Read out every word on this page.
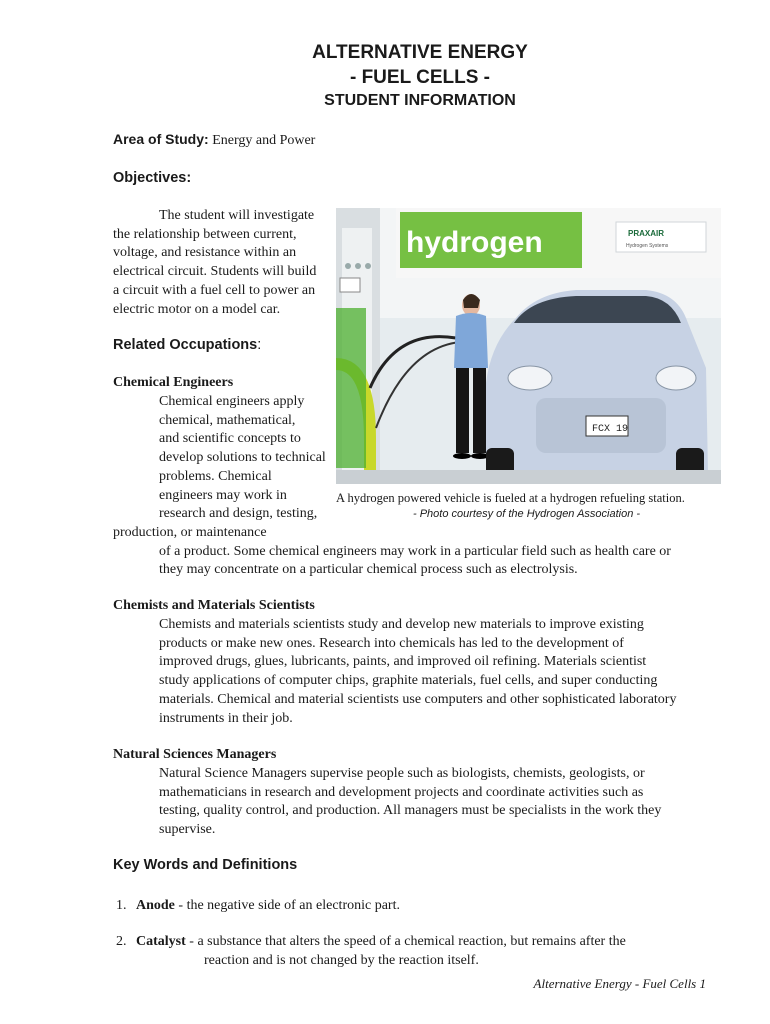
ALTERNATIVE ENERGY
- FUEL CELLS -
STUDENT INFORMATION
Area of Study: Energy and Power
Objectives:
The student will investigate
the relationship between current,
voltage, and resistance within an
electrical circuit. Students will build
a circuit with a fuel cell to power an
electric motor on a model car.
hydrogen	PRAXAIR
Hydrogen Systems
FCX 19
A hydrogen powered vehicle is fueled at a hydrogen refueling station.
- Photo courtesy of the Hydrogen Association -
Related Occupations:
Chemical Engineers
Chemical engineers apply
chemical, mathematical,
and scientific concepts to
develop solutions to technical
problems. Chemical
engineers may work in
research and design, testing,
production, or maintenance
of a product. Some chemical engineers may work in a particular field such as health care or
they may concentrate on a particular chemical process such as electrolysis.
Chemists and Materials Scientists
Chemists and materials scientists study and develop new materials to improve existing
products or make new ones. Research into chemicals has led to the development of
improved drugs, glues, lubricants, paints, and improved oil refining. Materials scientist
study applications of computer chips, graphite materials, fuel cells, and super conducting
materials. Chemical and material scientists use computers and other sophisticated laboratory
instruments in their job.
Natural Sciences Managers
Natural Science Managers supervise people such as biologists, chemists, geologists, or
mathematicians in research and development projects and coordinate activities such as
testing, quality control, and production. All managers must be specialists in the work they
supervise.
Key Words and Definitions
1. Anode - the negative side of an electronic part.
2. Catalyst - a substance that alters the speed of a chemical reaction, but remains after the
reaction and is not changed by the reaction itself.
Alternative Energy - Fuel Cells 1
